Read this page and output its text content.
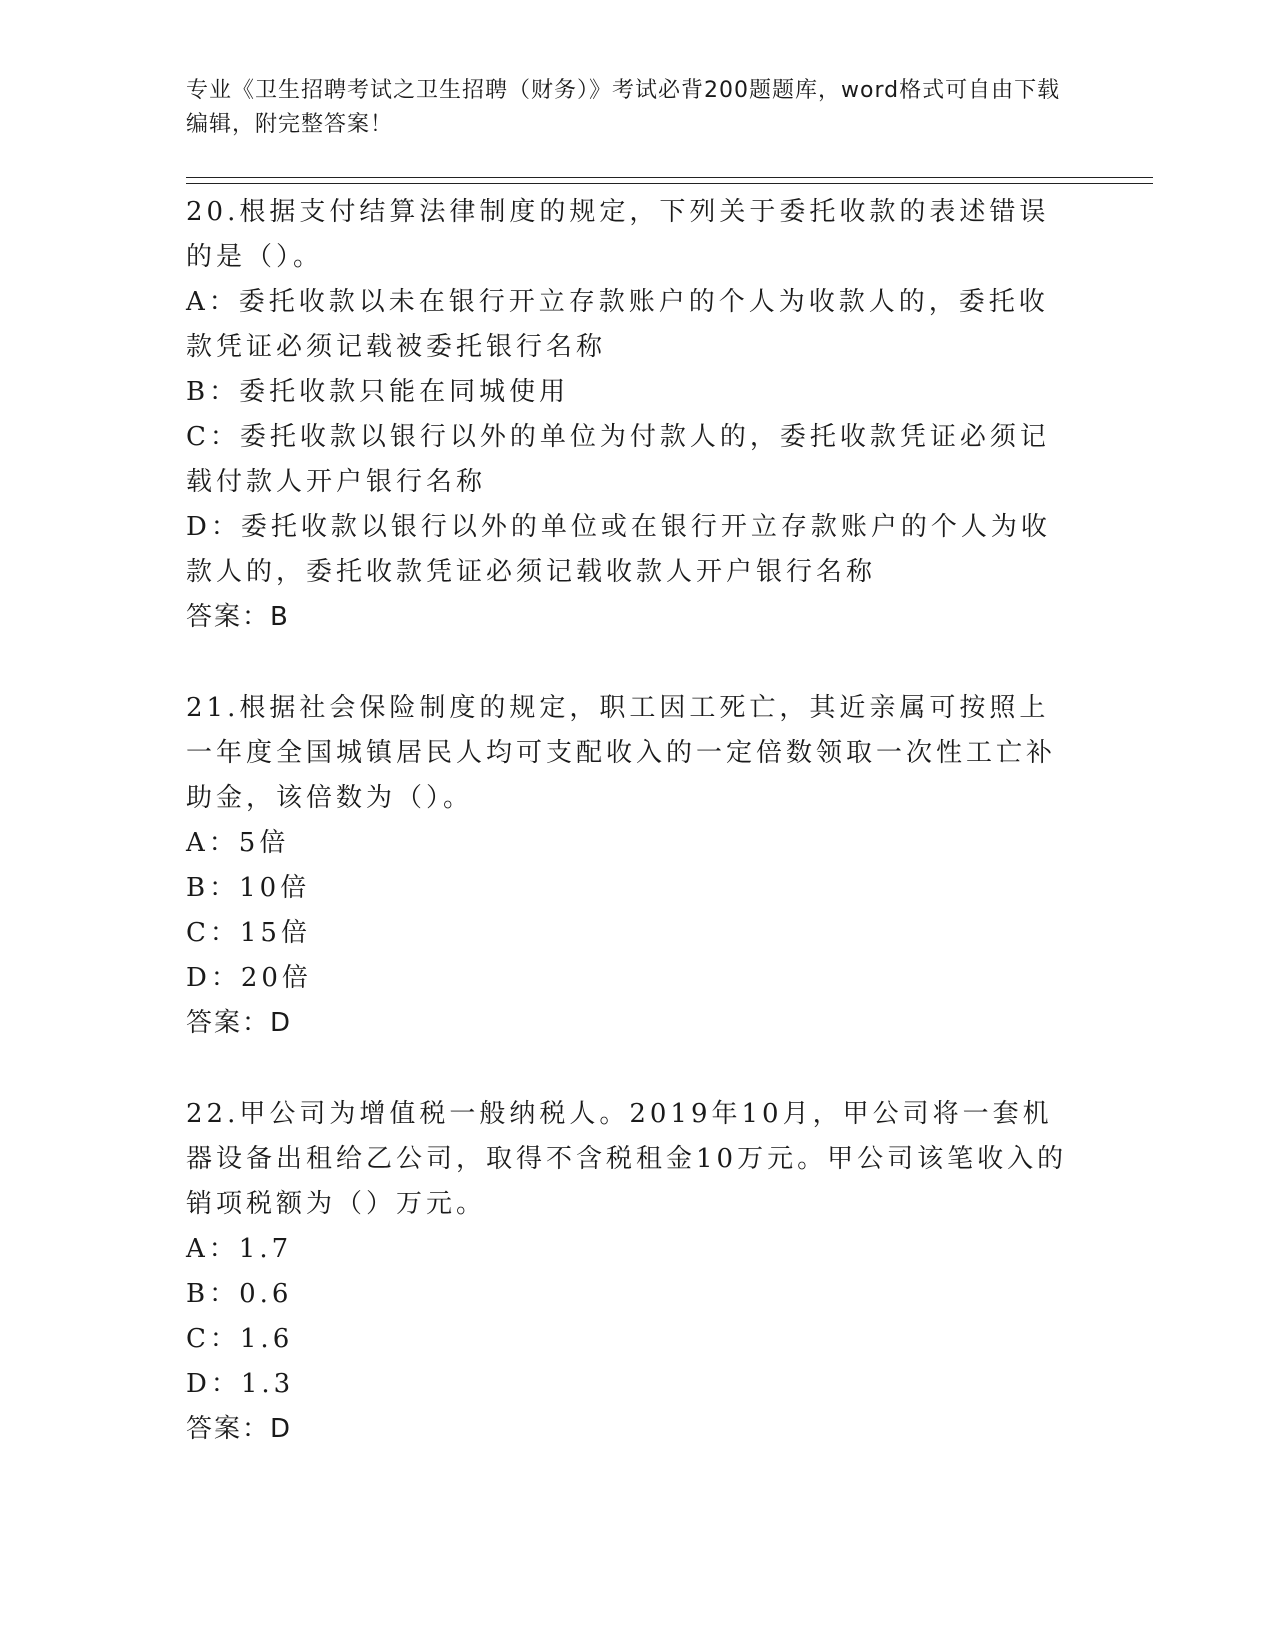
专业《卫生招聘考试之卫生招聘（财务）》考试必背200题题库，word格式可自由下载编辑，附完整答案！

20.根据支付结算法律制度的规定，下列关于委托收款的表述错误的是（）。

A：委托收款以未在银行开立存款账户的个人为收款人的，委托收款凭证必须记载被委托银行名称

B：委托收款只能在同城使用

C：委托收款以银行以外的单位为付款人的，委托收款凭证必须记载付款人开户银行名称

D：委托收款以银行以外的单位或在银行开立存款账户的个人为收款人的，委托收款凭证必须记载收款人开户银行名称

答案：B

21.根据社会保险制度的规定，职工因工死亡，其近亲属可按照上一年度全国城镇居民人均可支配收入的一定倍数领取一次性工亡补助金，该倍数为（）。

A：5倍

B：10倍

C：15倍

D：20倍

答案：D

22.甲公司为增值税一般纳税人。2019年10月，甲公司将一套机器设备出租给乙公司，取得不含税租金10万元。甲公司该笔收入的销项税额为（）万元。

A：1.7

B：0.6

C：1.6

D：1.3

答案：D
